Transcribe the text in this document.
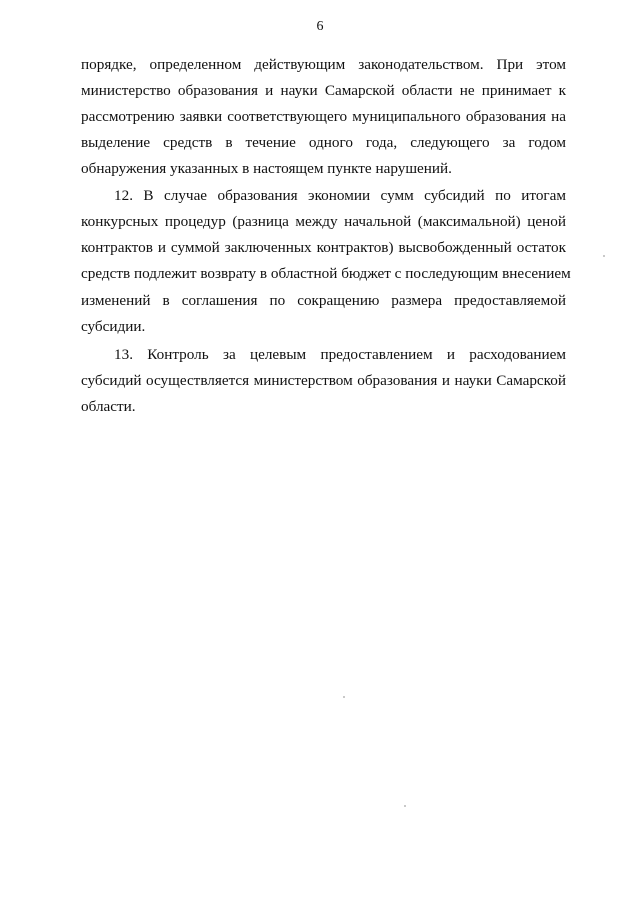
6
порядке, определенном действующим законодательством. При этом
министерство образования и науки Самарской области не принимает к
рассмотрению заявки соответствующего муниципального образования на
выделение средств в течение одного года, следующего за годом
обнаружения указанных в настоящем пункте нарушений.
12. В случае образования экономии сумм субсидий по итогам
конкурсных процедур (разница между начальной (максимальной) ценой
контрактов и суммой заключенных контрактов) высвобожденный остаток
средств подлежит возврату в областной бюджет с последующим внесением
изменений в соглашения по сокращению размера предоставляемой
субсидии.
13. Контроль за целевым предоставлением и расходованием
субсидий осуществляется министерством образования и науки Самарской
области.
